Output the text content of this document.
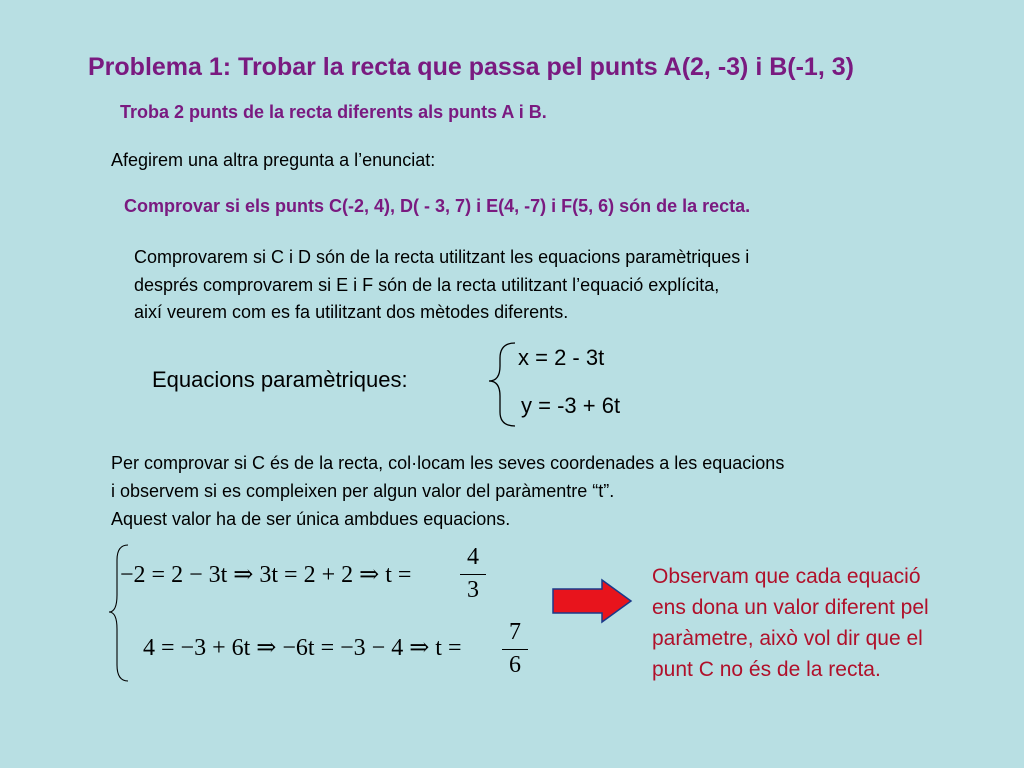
Problema 1: Trobar la recta que passa pel punts A(2, -3) i B(-1, 3)
Troba 2 punts de la recta diferents als punts A i B.
Afegirem una altra pregunta a l’enunciat:
Comprovar si els punts C(-2, 4), D( - 3, 7) i E(4, -7) i F(5, 6) són de la recta.
Comprovarem si C i D són de la recta utilitzant les equacions paramètriques i
després comprovarem si E i F són de la recta utilitzant l’equació explícita,
així veurem com es fa utilitzant dos mètodes diferents.
Equacions paramètriques:
x = 2 - 3t
y = -3 + 6t
Per comprovar si C és de la recta, col·locam les seves coordenades a les equacions
i observem si es compleixen per algun valor del paràmentre “t”.
Aquest valor ha de ser única ambdues equacions.
−2 = 2 − 3t ⇒ 3t = 2 + 2 ⇒ t =
4
3
4 = −3 + 6t ⇒ −6t = −3 − 4 ⇒ t =
7
6
Observam que cada equació
ens dona un valor diferent pel
paràmetre, això vol dir que el
punt C no és de la recta.
